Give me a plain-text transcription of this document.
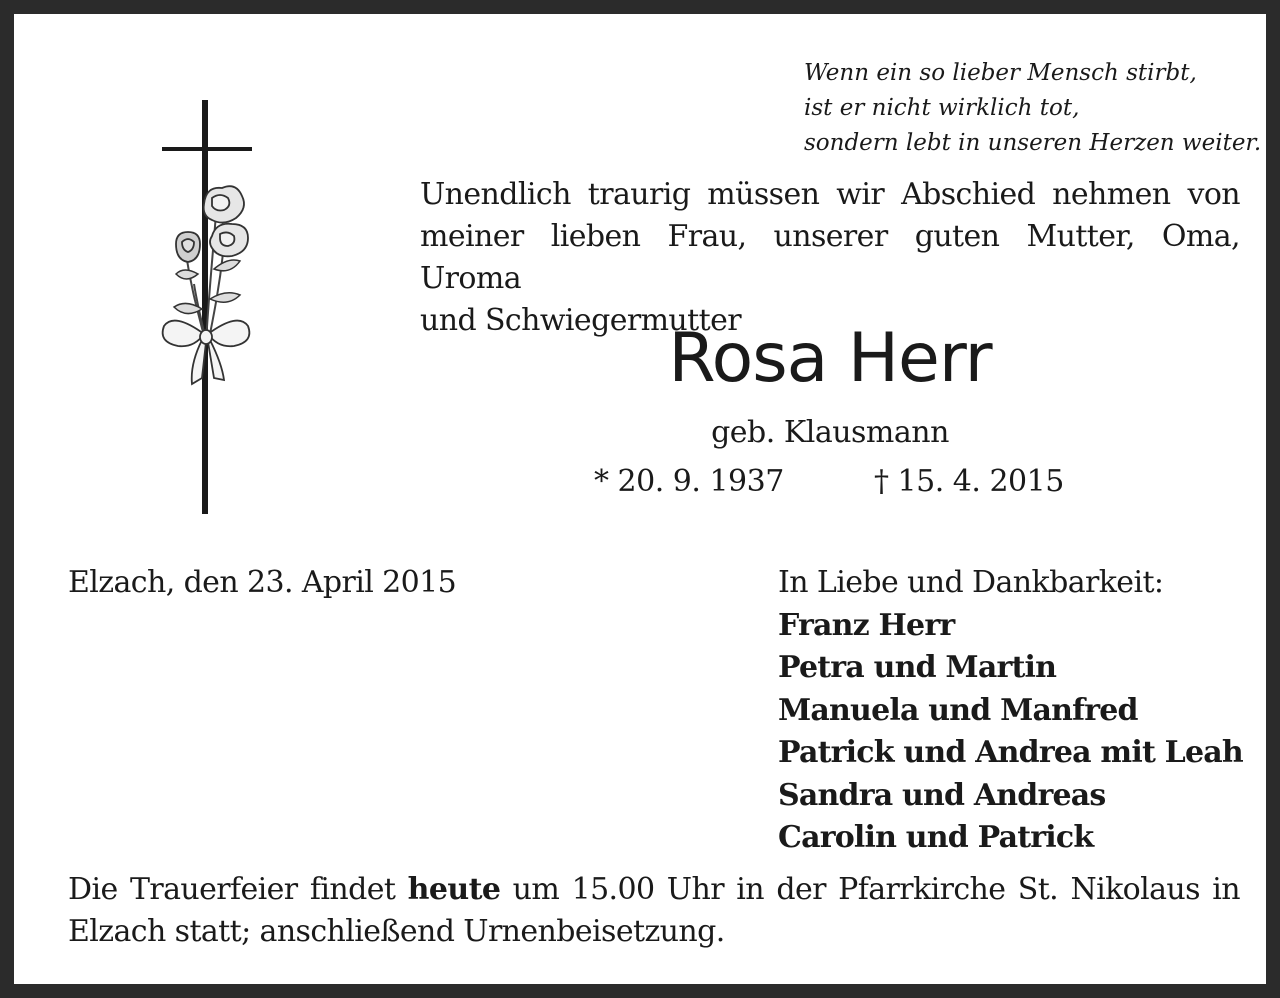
Wenn ein so lieber Mensch stirbt,
ist er nicht wirklich tot,
sondern lebt in unseren Herzen weiter.
Unendlich traurig müssen wir Abschied nehmen von
meiner lieben Frau, unserer guten Mutter, Oma, Uroma
und Schwiegermutter
Rosa Herr
geb. Klausmann
* 20. 9. 1937	† 15. 4. 2015
Elzach, den 23. April 2015	In Liebe und Dankbarkeit:
Franz Herr
Petra und Martin
Manuela und Manfred
Patrick und Andrea mit Leah
Sandra und Andreas
Carolin und Patrick
Die Trauerfeier findet heute um 15.00 Uhr in der Pfarrkirche St. Nikolaus in
Elzach statt; anschließend Urnenbeisetzung.
